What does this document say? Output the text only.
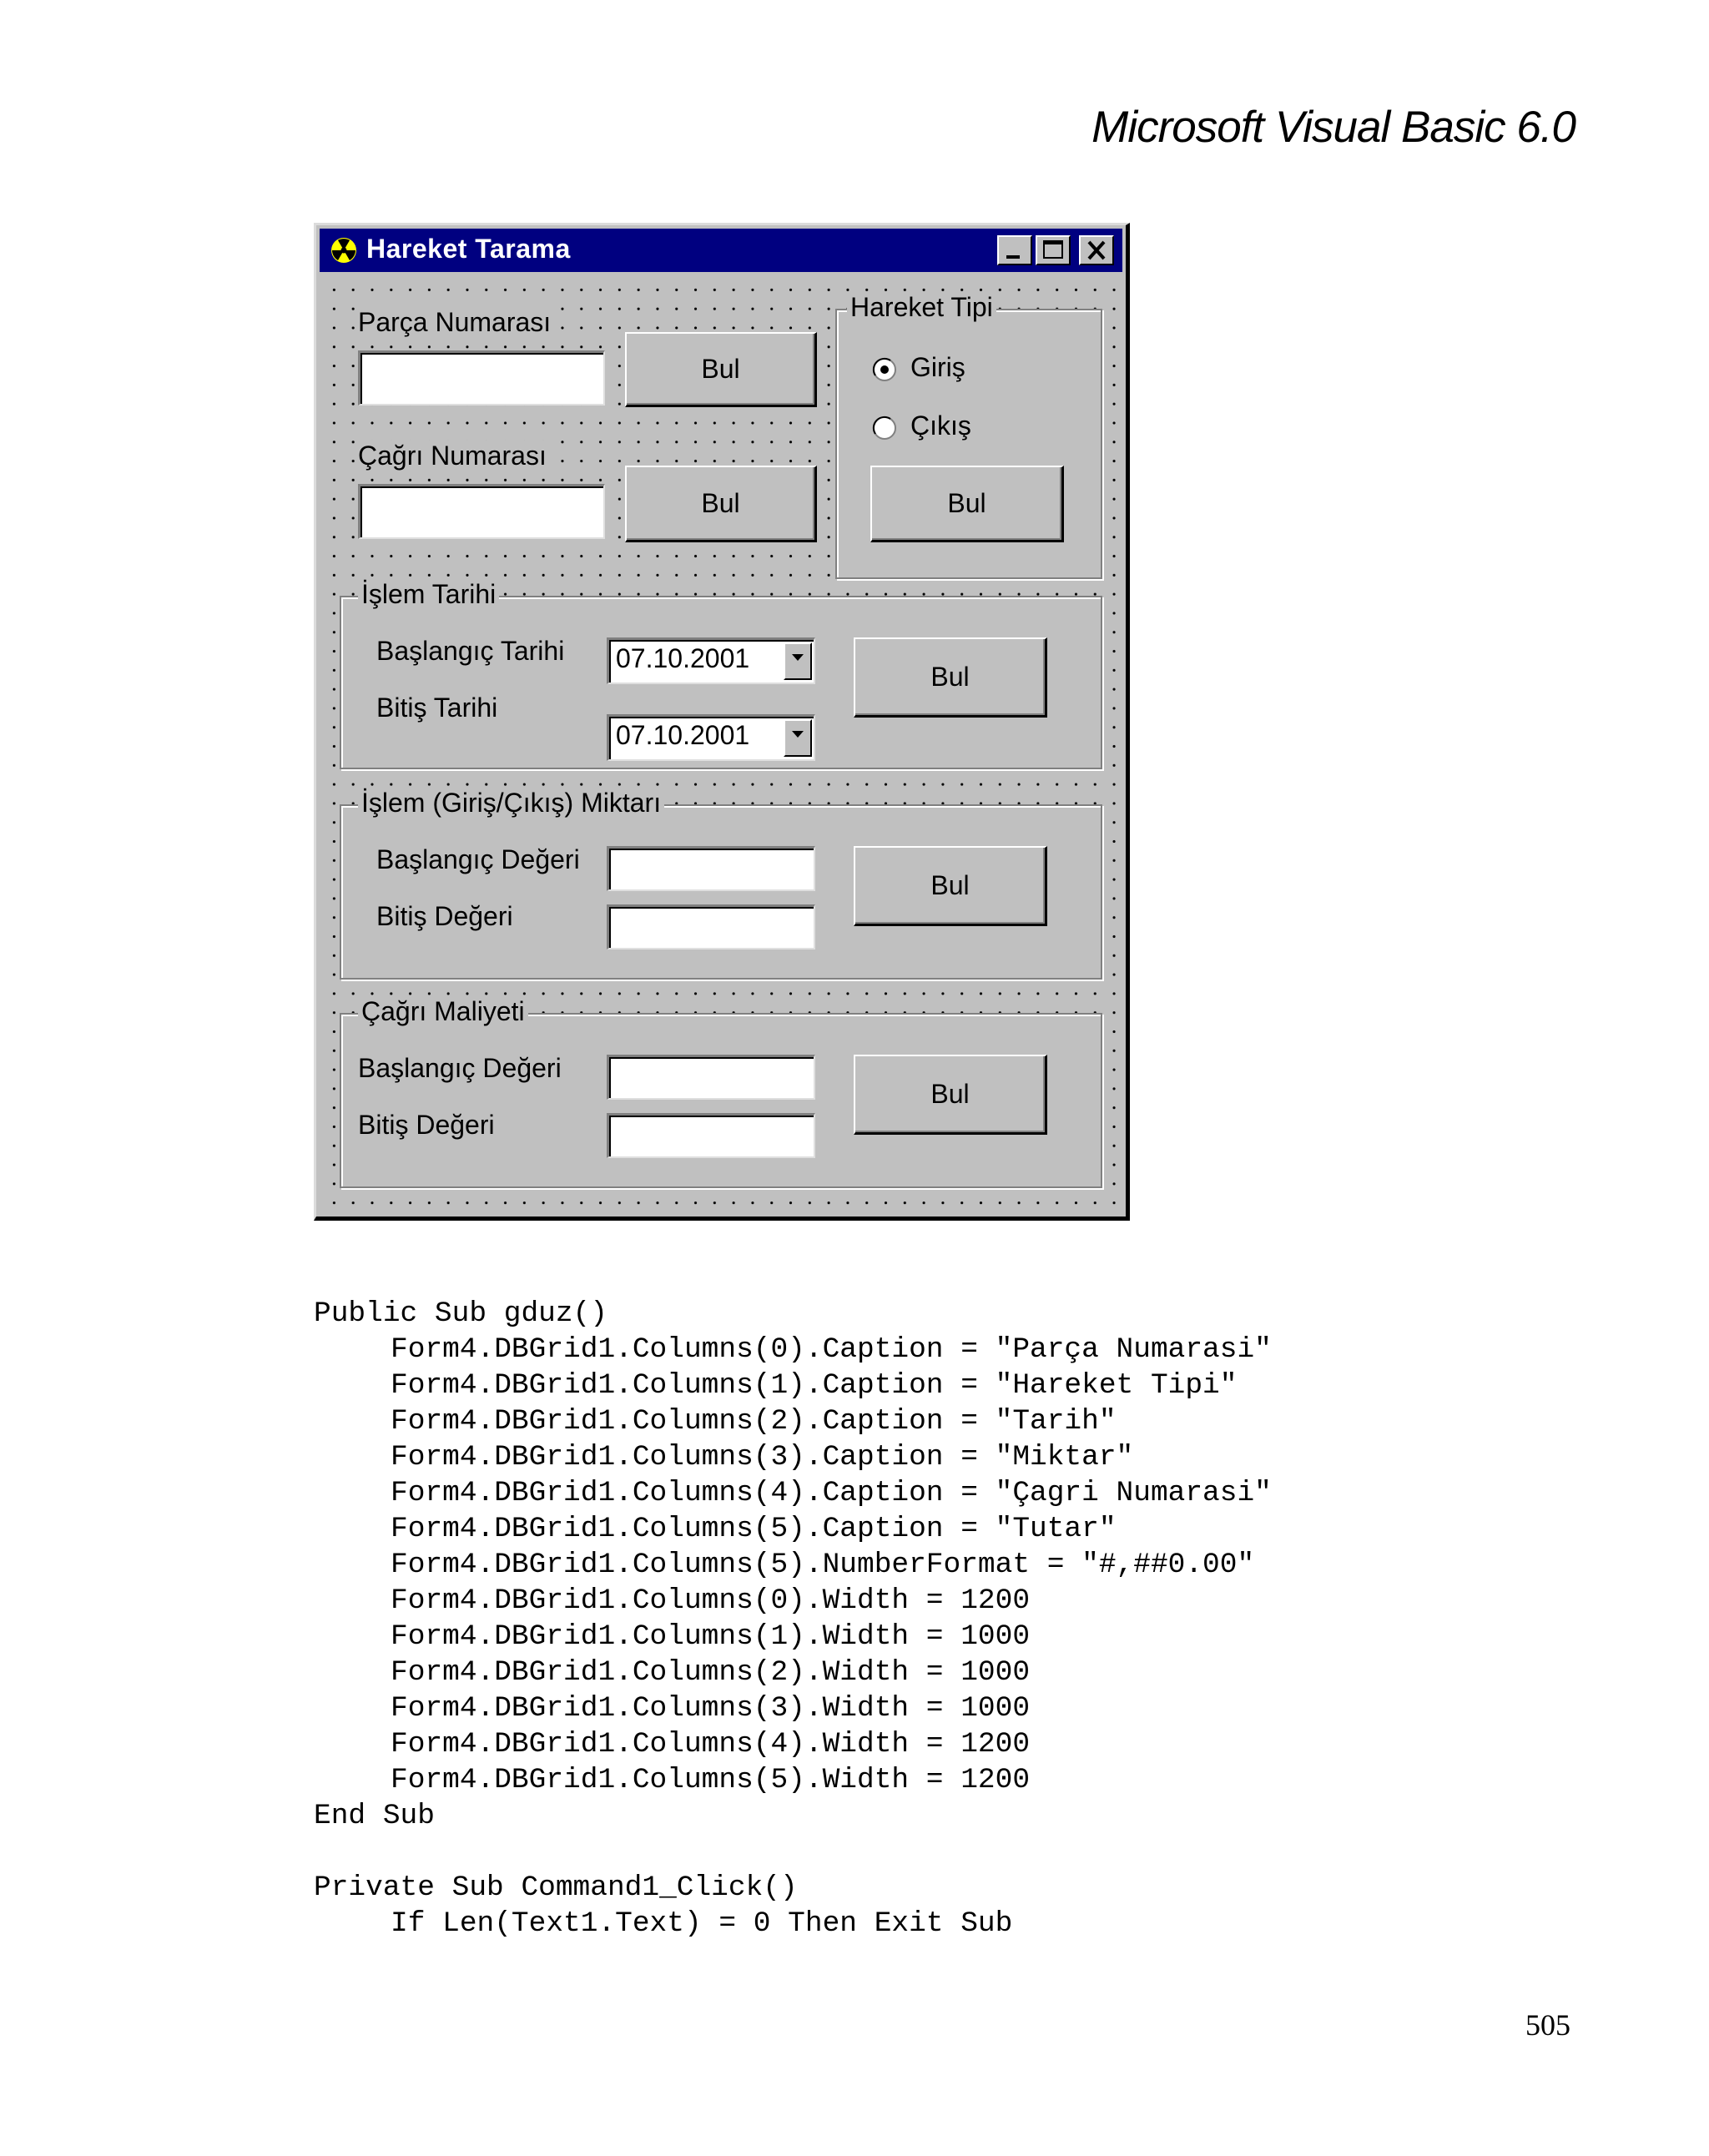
Microsoft Visual Basic 6.0
Hareket Tarama
Parça Numarası
Bul
Çağrı Numarası
Bul
Hareket Tipi
Giriş
Çıkış
Bul
İşlem Tarihi
Başlangıç Tarihi
Bitiş Tarihi
07.10.2001
07.10.2001
Bul
İşlem (Giriş/Çıkış) Miktarı
Başlangıç Değeri
Bitiş Değeri
Bul
Çağrı Maliyeti
Başlangıç Değeri
Bitiş Değeri
Bul
Public Sub gduz()
Form4.DBGrid1.Columns(0).Caption = "Parça Numarasi"
Form4.DBGrid1.Columns(1).Caption = "Hareket Tipi"
Form4.DBGrid1.Columns(2).Caption = "Tarih"
Form4.DBGrid1.Columns(3).Caption = "Miktar"
Form4.DBGrid1.Columns(4).Caption = "Çagri Numarasi"
Form4.DBGrid1.Columns(5).Caption = "Tutar"
Form4.DBGrid1.Columns(5).NumberFormat = "#,##0.00"
Form4.DBGrid1.Columns(0).Width = 1200
Form4.DBGrid1.Columns(1).Width = 1000
Form4.DBGrid1.Columns(2).Width = 1000
Form4.DBGrid1.Columns(3).Width = 1000
Form4.DBGrid1.Columns(4).Width = 1200
Form4.DBGrid1.Columns(5).Width = 1200
End Sub
Private Sub Command1_Click()
If Len(Text1.Text) = 0 Then Exit Sub
505
